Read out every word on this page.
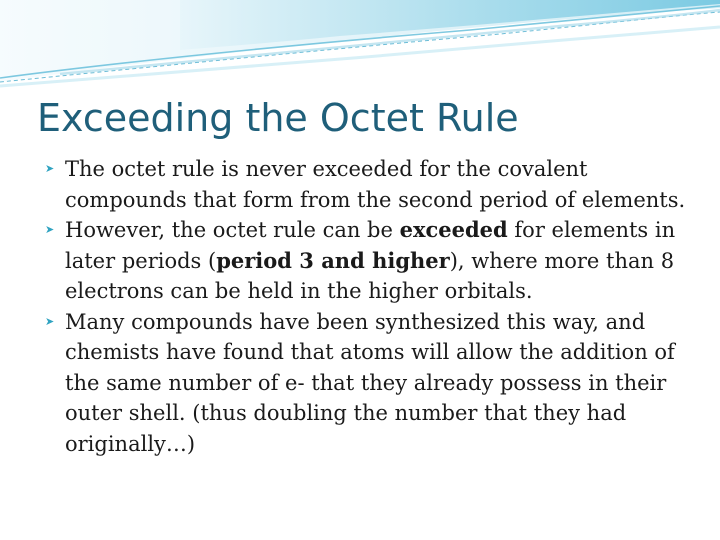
Exceeding the Octet Rule
➤ The octet rule is never exceeded for the covalent compounds that form from the second period of elements.
➤ However, the octet rule can be exceeded for elements in later periods (period 3 and higher), where more than 8 electrons can be held in the higher orbitals.
➤ Many compounds have been synthesized this way, and chemists have found that atoms will allow the addition of the same number of e- that they already possess in their outer shell. (thus doubling the number that they had originally…)
